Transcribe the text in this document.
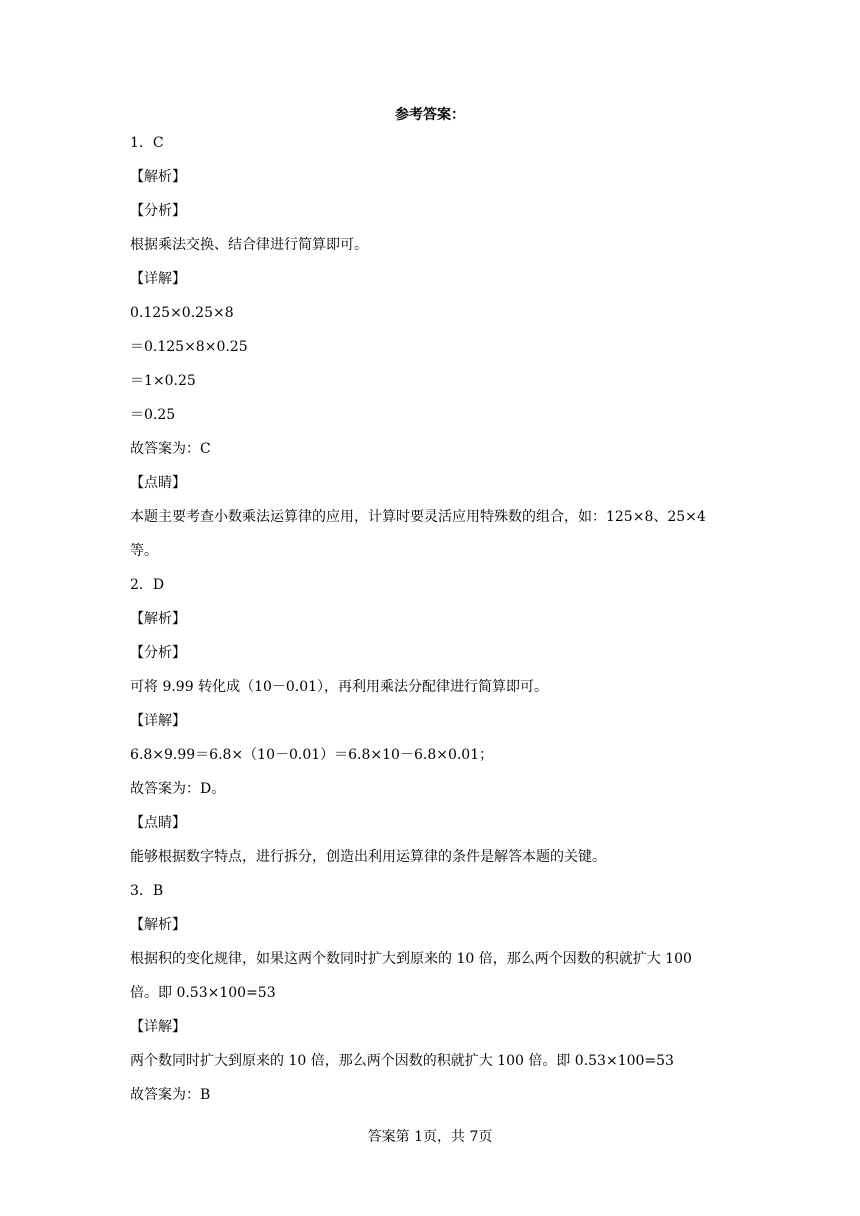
参考答案：
1．C
【解析】
【分析】
根据乘法交换、结合律进行简算即可。
【详解】
0.125×0.25×8
＝0.125×8×0.25
＝1×0.25
＝0.25
故答案为：C
【点睛】
本题主要考查小数乘法运算律的应用，计算时要灵活应用特殊数的组合，如：125×8、25×4
等。
2．D
【解析】
【分析】
可将 9.99 转化成（10－0.01），再利用乘法分配律进行简算即可。
【详解】
6.8×9.99＝6.8×（10－0.01）＝6.8×10－6.8×0.01；
故答案为：D。
【点睛】
能够根据数字特点，进行拆分，创造出利用运算律的条件是解答本题的关键。
3．B
【解析】
根据积的变化规律，如果这两个数同时扩大到原来的 10 倍，那么两个因数的积就扩大 100
倍。即 0.53×100=53
【详解】
两个数同时扩大到原来的 10 倍，那么两个因数的积就扩大 100 倍。即 0.53×100=53
故答案为：B
答案第 1页，共 7页
